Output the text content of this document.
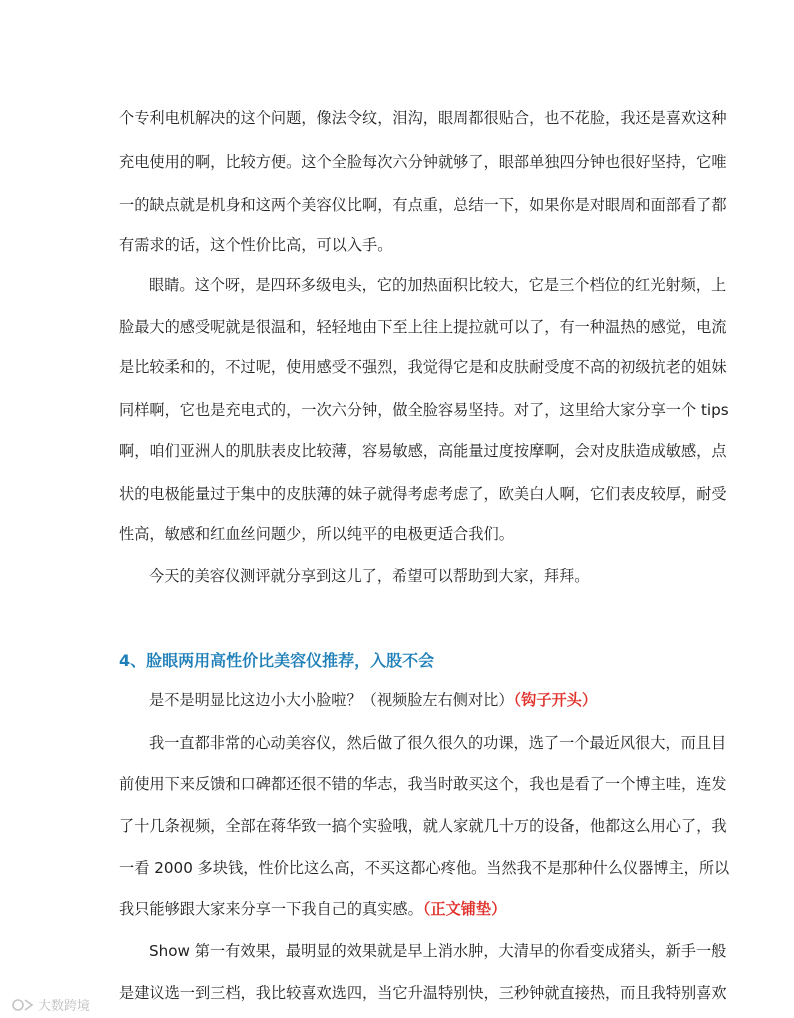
个专利电机解决的这个问题，像法令纹，泪沟，眼周都很贴合，也不花脸，我还是喜欢这种
充电使用的啊，比较方便。这个全脸每次六分钟就够了，眼部单独四分钟也很好坚持，它唯
一的缺点就是机身和这两个美容仪比啊，有点重，总结一下，如果你是对眼周和面部看了都
有需求的话，这个性价比高，可以入手。
眼睛。这个呀，是四环多级电头，它的加热面积比较大，它是三个档位的红光射频，上
脸最大的感受呢就是很温和，轻轻地由下至上往上提拉就可以了，有一种温热的感觉，电流
是比较柔和的，不过呢，使用感受不强烈，我觉得它是和皮肤耐受度不高的初级抗老的姐妹
同样啊，它也是充电式的，一次六分钟，做全脸容易坚持。对了，这里给大家分享一个 tips
啊，咱们亚洲人的肌肤表皮比较薄，容易敏感，高能量过度按摩啊，会对皮肤造成敏感，点
状的电极能量过于集中的皮肤薄的妹子就得考虑考虑了，欧美白人啊，它们表皮较厚，耐受
性高，敏感和红血丝问题少，所以纯平的电极更适合我们。
今天的美容仪测评就分享到这儿了，希望可以帮助到大家，拜拜。
4、脸眼两用高性价比美容仪推荐，入股不会
是不是明显比这边小大小脸啦？（视频脸左右侧对比）（钩子开头）
我一直都非常的心动美容仪，然后做了很久很久的功课，选了一个最近风很大，而且目
前使用下来反馈和口碑都还很不错的华志，我当时敢买这个，我也是看了一个博主哇，连发
了十几条视频，全部在蒋华致一搞个实验哦，就人家就几十万的设备，他都这么用心了，我
一看 2000 多块钱，性价比这么高，不买这都心疼他。当然我不是那种什么仪器博主，所以
我只能够跟大家来分享一下我自己的真实感。（正文铺垫）
Show 第一有效果，最明显的效果就是早上消水肿，大清早的你看变成猪头，新手一般
是建议选一到三档，我比较喜欢选四，当它升温特别快，三秒钟就直接热，而且我特别喜欢
大数跨境
